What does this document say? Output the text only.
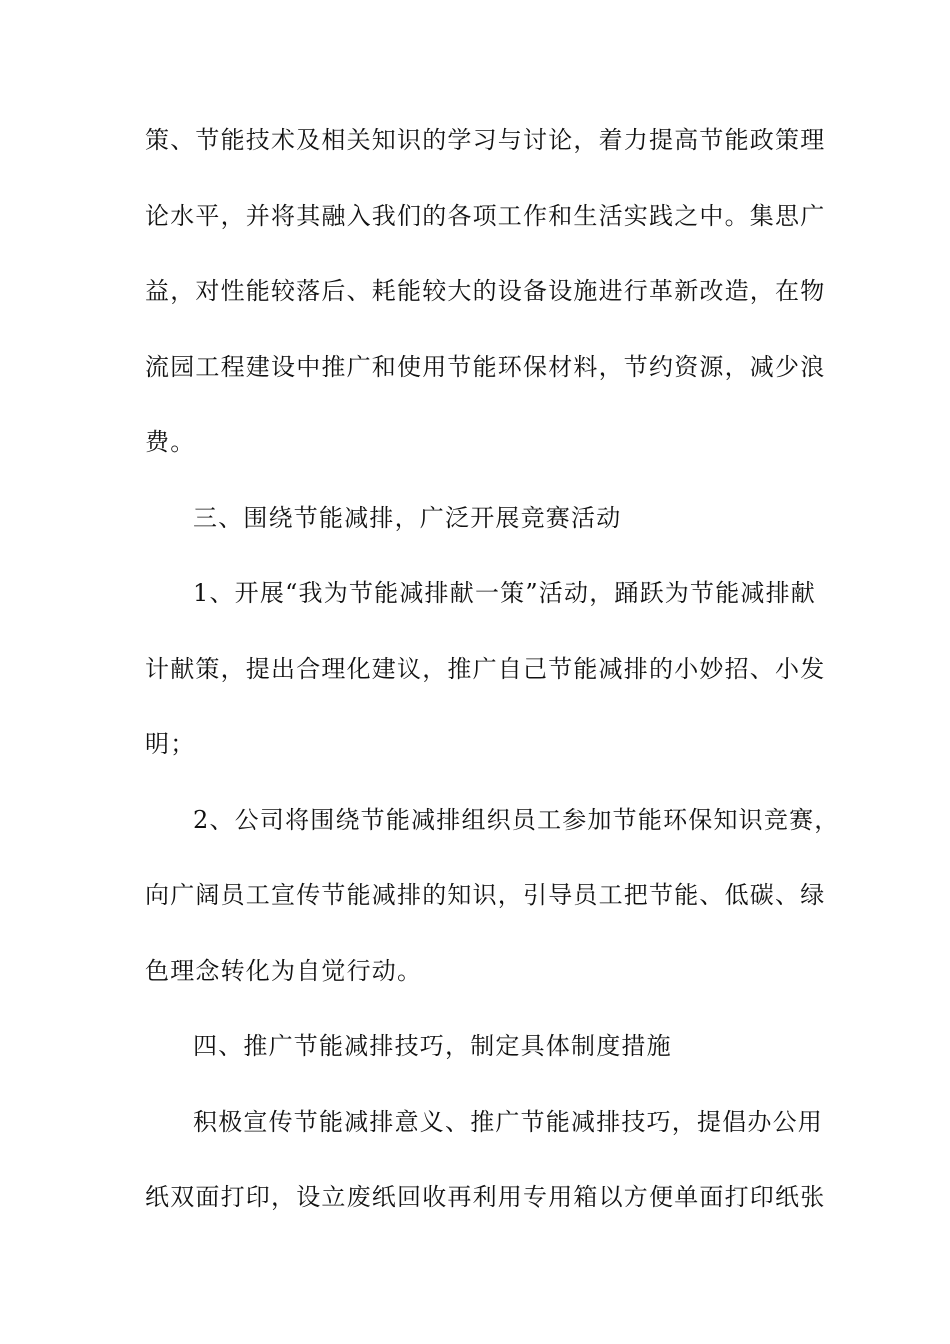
策、节能技术及相关知识的学习与讨论，着力提高节能政策理
论水平，并将其融入我们的各项工作和生活实践之中。集思广
益，对性能较落后、耗能较大的设备设施进行革新改造，在物
流园工程建设中推广和使用节能环保材料，节约资源，减少浪
费。
三、围绕节能减排，广泛开展竞赛活动
1、开展“我为节能减排献一策”活动，踊跃为节能减排献
计献策，提出合理化建议，推广自己节能减排的小妙招、小发
明；
2、公司将围绕节能减排组织员工参加节能环保知识竞赛，
向广阔员工宣传节能减排的知识，引导员工把节能、低碳、绿
色理念转化为自觉行动。
四、推广节能减排技巧，制定具体制度措施
积极宣传节能减排意义、推广节能减排技巧，提倡办公用
纸双面打印，设立废纸回收再利用专用箱以方便单面打印纸张
